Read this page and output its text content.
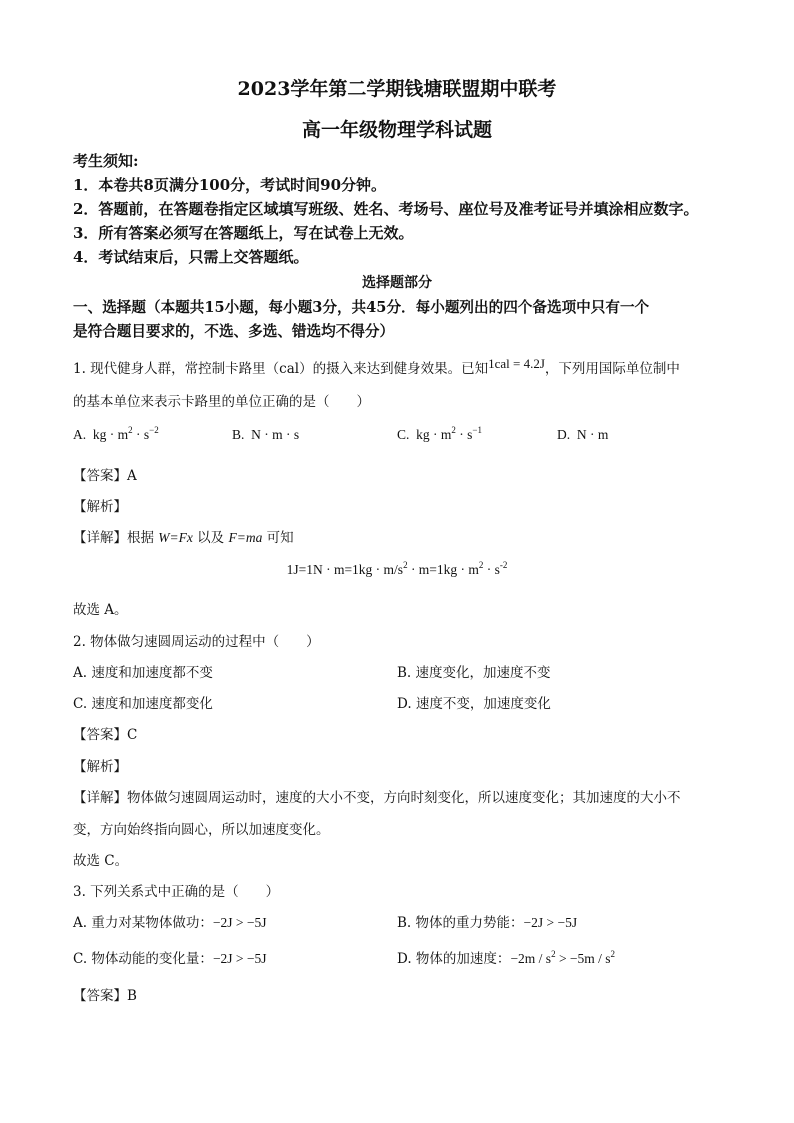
2023学年第二学期钱塘联盟期中联考
高一年级物理学科试题
考生须知:
1．本卷共8页满分100分，考试时间90分钟。
2．答题前，在答题卷指定区域填写班级、姓名、考场号、座位号及准考证号并填涂相应数字。
3．所有答案必须写在答题纸上，写在试卷上无效。
4．考试结束后，只需上交答题纸。
选择题部分
一、选择题（本题共15小题，每小题3分，共45分．每小题列出的四个备选项中只有一个
是符合题目要求的，不选、多选、错选均不得分）
1. 现代健身人群，常控制卡路里（cal）的摄入来达到健身效果。已知1cal = 4.2J，下列用国际单位制中
的基本单位来表示卡路里的单位正确的是（　　）
A. kg · $m^2 \cdot s^{-2}$	B. N · m · s	C. kg · $m^2 \cdot s^{-1}$	D. N · m
【答案】A
【解析】
【详解】根据 W=Fx 以及 F=ma 可知
$1J=1N \cdot m=1kg \cdot m/s^2 \cdot m=1kg \cdot m^2 \cdot s^{-2}$
故选 A。
2. 物体做匀速圆周运动的过程中（　　）
A. 速度和加速度都不变	B. 速度变化，加速度不变
C. 速度和加速度都变化	D. 速度不变，加速度变化
【答案】C
【解析】
【详解】物体做匀速圆周运动时，速度的大小不变，方向时刻变化，所以速度变化；其加速度的大小不
变，方向始终指向圆心，所以加速度变化。
故选 C。
3. 下列关系式中正确的是（　　）
A. 重力对某物体做功：−2J > −5J	B. 物体的重力势能：−2J > −5J
C. 物体动能的变化量：−2J > −5J	D. 物体的加速度：$-2m / s^2 > -5m / s^2$
【答案】B
